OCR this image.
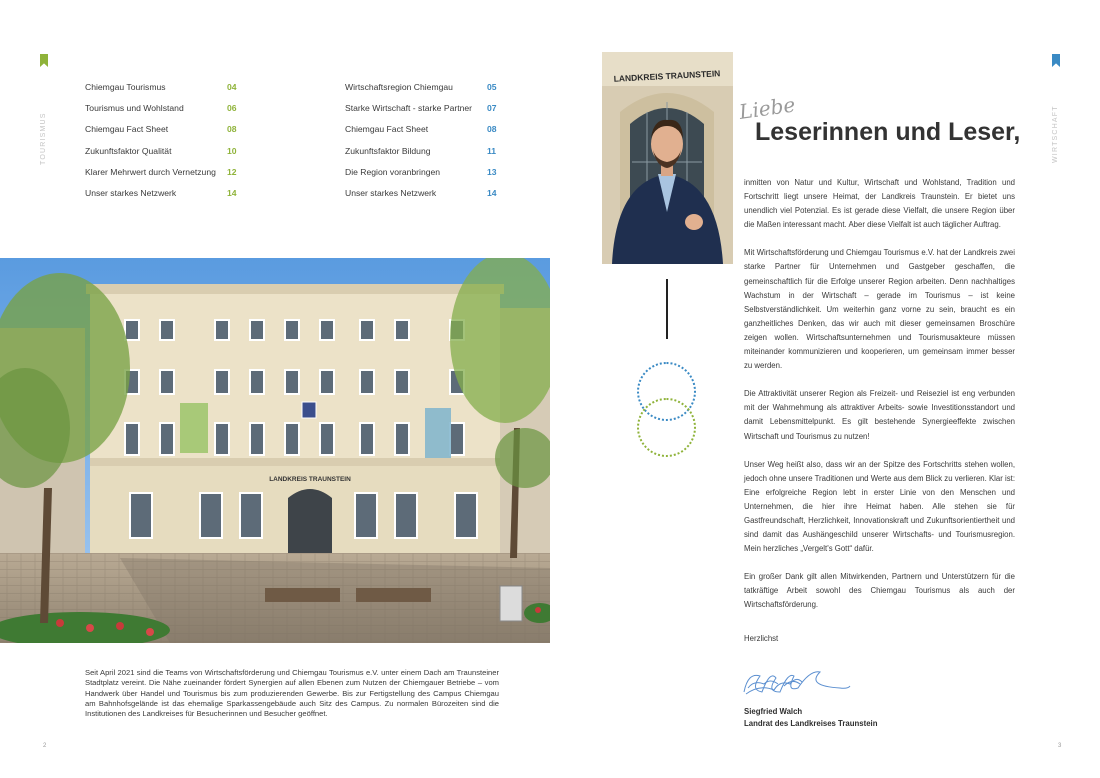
TOURISMUS
Chiemgau Tourismus	04
Tourismus und Wohlstand	06
Chiemgau Fact Sheet	08
Zukunftsfaktor Qualität	10
Klarer Mehrwert durch Vernetzung 12
Unser starkes Netzwerk	14
Wirtschaftsregion Chiemgau	05
Starke Wirtschaft - starke Partner 07
Chiemgau Fact Sheet	08
Zukunftsfaktor Bildung	11
Die Region voranbringen	13
Unser starkes Netzwerk	14
LANDKREIS TRAUNSTEIN

Seit April 2021 sind die Teams von Wirtschaftsförderung und Chiemgau Tourismus e.V. unter einem Dach am Traunsteiner Stadtplatz vereint. Die Nähe zueinander fördert Synergien auf allen Ebenen zum Nutzen der Chiemgauer Betriebe – vom Handwerk über Handel und Tourismus bis zum produzierenden Gewerbe. Bis zur Fertigstellung des Campus Chiemgau am Bahnhofsgelände ist das ehemalige Sparkassengebäude auch Sitz des Campus. Zu normalen Bürozeiten sind die Institutionen des Landkreises für Besucherinnen und Besucher geöffnet.

2
WIRTSCHAFT
LANDKREIS TRAUNSTEIN
Liebe
Leserinnen und Leser,

inmitten von Natur und Kultur, Wirtschaft und Wohlstand, Tradition und Fortschritt liegt unsere Heimat, der Landkreis Traunstein. Er bietet uns unendlich viel Potenzial. Es ist gerade diese Vielfalt, die unsere Region über die Maßen interessant macht. Aber diese Vielfalt ist auch täglicher Auftrag.

Mit Wirtschaftsförderung und Chiemgau Tourismus e.V. hat der Landkreis zwei starke Partner für Unternehmen und Gastgeber geschaffen, die gemeinschaftlich für die Erfolge unserer Region arbeiten. Denn nachhaltiges Wachstum in der Wirtschaft – gerade im Tourismus – ist keine Selbstverständlichkeit. Um weiterhin ganz vorne zu sein, braucht es ein ganzheitliches Denken, das wir auch mit dieser gemeinsamen Broschüre zeigen wollen. Wirtschaftsunternehmen und Tourismusakteure müssen miteinander kommunizieren und kooperieren, um gemeinsam immer besser zu werden.

Die Attraktivität unserer Region als Freizeit- und Reiseziel ist eng verbunden mit der Wahrnehmung als attraktiver Arbeits- sowie Investitionsstandort und damit Lebensmittelpunkt. Es gilt bestehende Synergieeffekte zwischen Wirtschaft und Tourismus zu nutzen!

Unser Weg heißt also, dass wir an der Spitze des Fortschritts stehen wollen, jedoch ohne unsere Traditionen und Werte aus dem Blick zu verlieren. Klar ist: Eine erfolgreiche Region lebt in erster Linie von den Menschen und Unternehmen, die hier ihre Heimat haben. Alle stehen sie für Gastfreundschaft, Herzlichkeit, Innovationskraft und Zukunftsorientiertheit und sind damit das Aushängeschild unserer Wirtschafts- und Tourismusregion. Mein herzliches „Vergelt's Gott“ dafür.

Ein großer Dank gilt allen Mitwirkenden, Partnern und Unterstützern für die tatkräftige Arbeit sowohl des Chiemgau Tourismus als auch der Wirtschaftsförderung.

Herzlichst
Siegfried Walch
Landrat des Landkreises Traunstein
3
